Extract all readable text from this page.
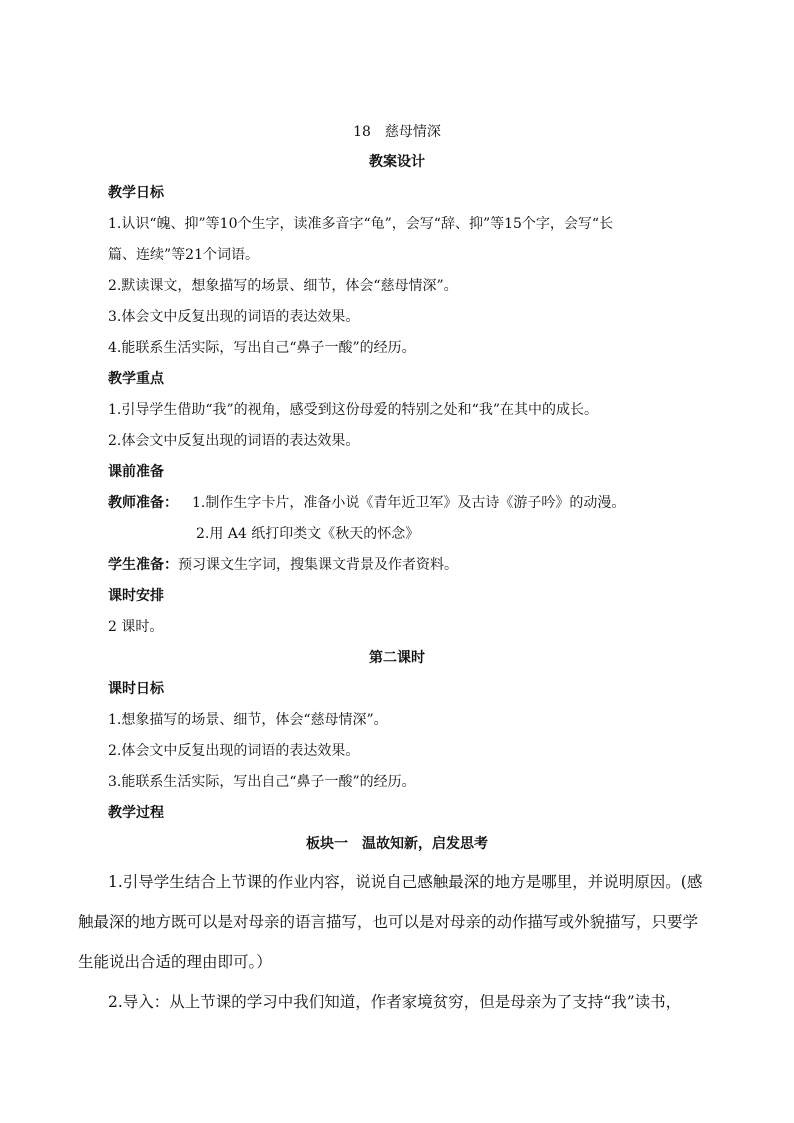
18　慈母情深
教案设计
教学日标
1.认识“魄、抑”等10个生字，读准多音字“龟”，会写“辞、抑”等15个字，会写“长
篇、连续”等21个词语。
2.默读课文，想象描写的场景、细节，体会“慈母情深”。
3.体会文中反复出现的词语的表达效果。
4.能联系生活实际，写出自己“鼻子一酸”的经历。
教学重点
1.引导学生借助“我”的视角，感受到这份母爱的特别之处和“我”在其中的成长。
2.体会文中反复出现的词语的表达效果。
课前准备
教师准备： 1.制作生字卡片，准备小说《青年近卫军》及古诗《游子吟》的动漫。
2.用 A4 纸打印类文《秋天的怀念》
学生准备：预习课文生字词，搜集课文背景及作者资料。
课时安排
2 课时。
第二课时
课时日标
1.想象描写的场景、细节，体会“慈母情深”。
2.体会文中反复出现的词语的表达效果。
3.能联系生活实际，写出自己“鼻子一酸”的经历。
教学过程
板块一　温故知新，启发思考
1.引导学生结合上节课的作业内容，说说自己感触最深的地方是哪里，并说明原因。(感
触最深的地方既可以是对母亲的语言描写，也可以是对母亲的动作描写或外貌描写，只要学
生能说出合适的理由即可。）
2.导入：从上节课的学习中我们知道，作者家境贫穷，但是母亲为了支持“我”读书，
